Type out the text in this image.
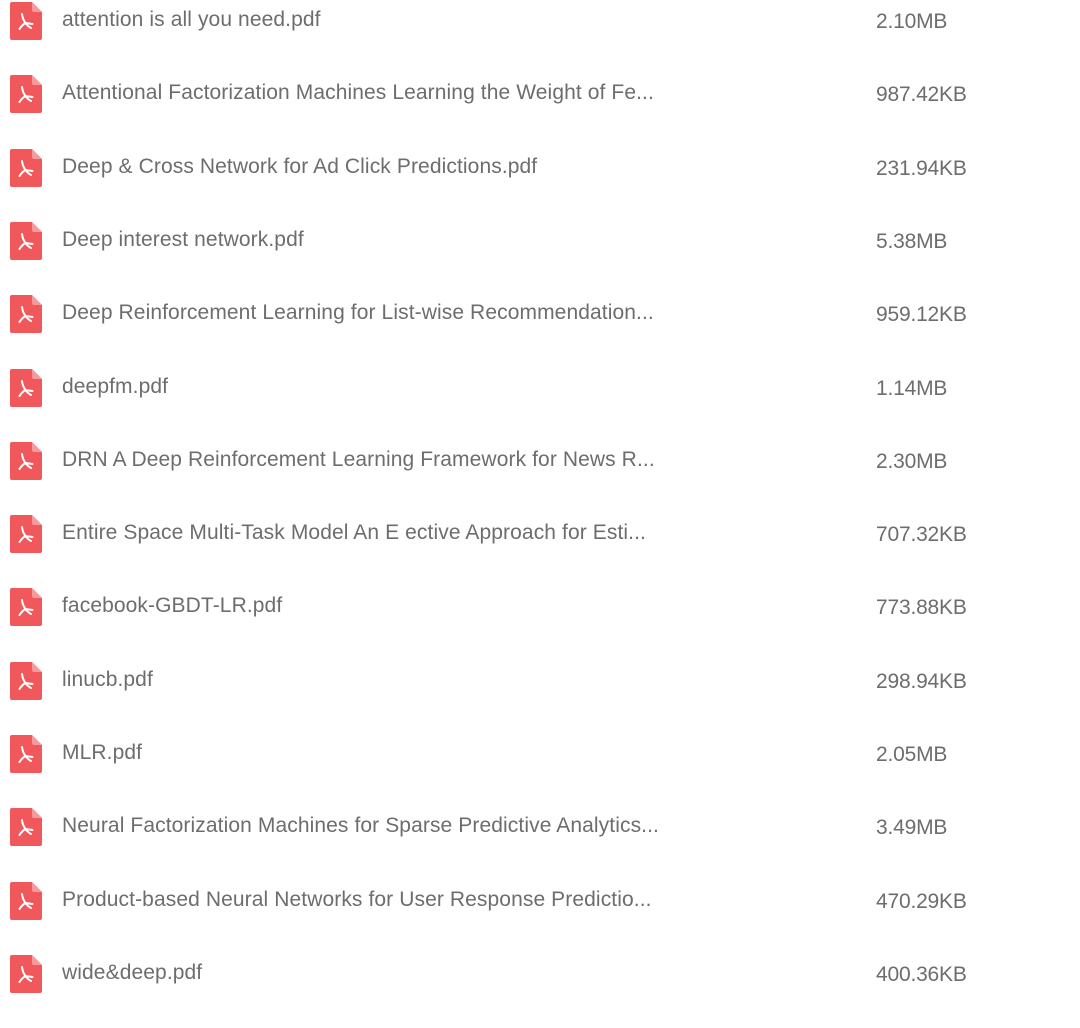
attention is all you need.pdf	2.10MB
Attentional Factorization Machines Learning the Weight of Fe...	987.42KB
Deep & Cross Network for Ad Click Predictions.pdf	231.94KB
Deep interest network.pdf	5.38MB
Deep Reinforcement Learning for List-wise Recommendation...	959.12KB
deepfm.pdf	1.14MB
DRN A Deep Reinforcement Learning Framework for News R...	2.30MB
Entire Space Multi-Task Model An E ective Approach for Esti...	707.32KB
facebook-GBDT-LR.pdf	773.88KB
linucb.pdf	298.94KB
MLR.pdf	2.05MB
Neural Factorization Machines for Sparse Predictive Analytics...	3.49MB
Product-based Neural Networks for User Response Predictio...	470.29KB
wide&deep.pdf	400.36KB
